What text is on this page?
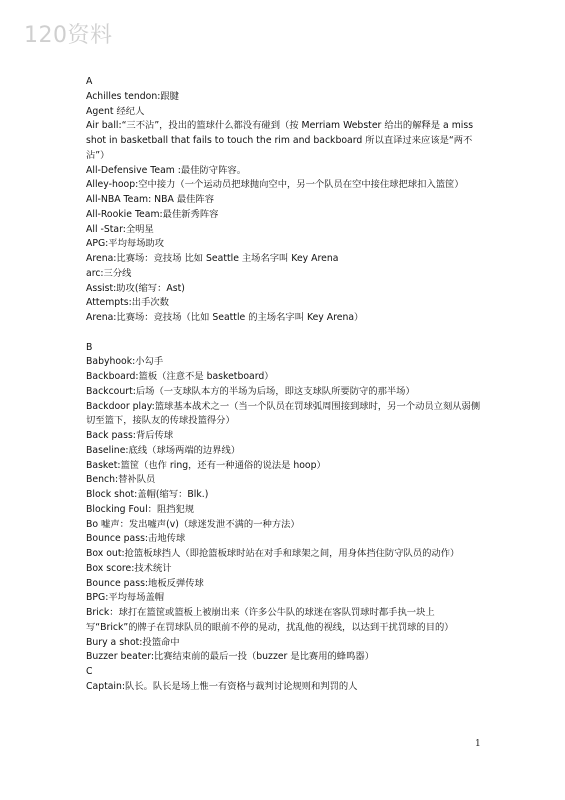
120资料
A
Achilles tendon:跟腱
Agent 经纪人
Air ball:“三不沾”，投出的篮球什么都没有碰到（按 Merriam Webster 给出的解释是 a miss shot in basketball that fails to touch the rim and backboard 所以直译过来应该是“两不沾”）
All-Defensive Team :最佳防守阵容。
Alley-hoop:空中接力（一个运动员把球抛向空中，另一个队员在空中接住球把球扣入篮筐）
All-NBA Team: NBA 最佳阵容
All-Rookie Team:最佳新秀阵容
All -Star:全明星
APG:平均每场助攻
Arena:比赛场：竞技场 比如 Seattle 主场名字叫 Key Arena
arc:三分线
Assist:助攻(缩写：Ast)
Attempts:出手次数
Arena:比赛场：竞技场（比如 Seattle 的主场名字叫 Key Arena）
B
Babyhook:小勾手
Backboard:篮板（注意不是 basketboard）
Backcourt:后场（一支球队本方的半场为后场，即这支球队所要防守的那半场）
Backdoor play:篮球基本战术之一（当一个队员在罚球弧周围接到球时，另一个动员立刻从弱侧切至篮下，接队友的传球投篮得分）
Back pass:背后传球
Baseline:底线（球场两端的边界线）
Basket:篮筐（也作 ring，还有一种通俗的说法是 hoop）
Bench:替补队员
Block shot:盖帽(缩写：Blk.)
Blocking Foul：阻挡犯规
Bo 嘘声：发出嘘声(v)（球迷发泄不满的一种方法）
Bounce pass:击地传球
Box out:抢篮板球挡人（即抢篮板球时站在对手和球架之间，用身体挡住防守队员的动作）
Box score:技术统计
Bounce pass:地板反弹传球
BPG:平均每场盖帽
Brick：球打在篮筐或篮板上被崩出来（许多公牛队的球迷在客队罚球时都手执一块上写“Brick”的牌子在罚球队员的眼前不停的晃动，扰乱他的视线，以达到干扰罚球的目的）
Bury a shot:投篮命中
Buzzer beater:比赛结束前的最后一投（buzzer 是比赛用的蜂鸣器）
C
Captain:队长。队长是场上惟一有资格与裁判讨论规则和判罚的人
1
